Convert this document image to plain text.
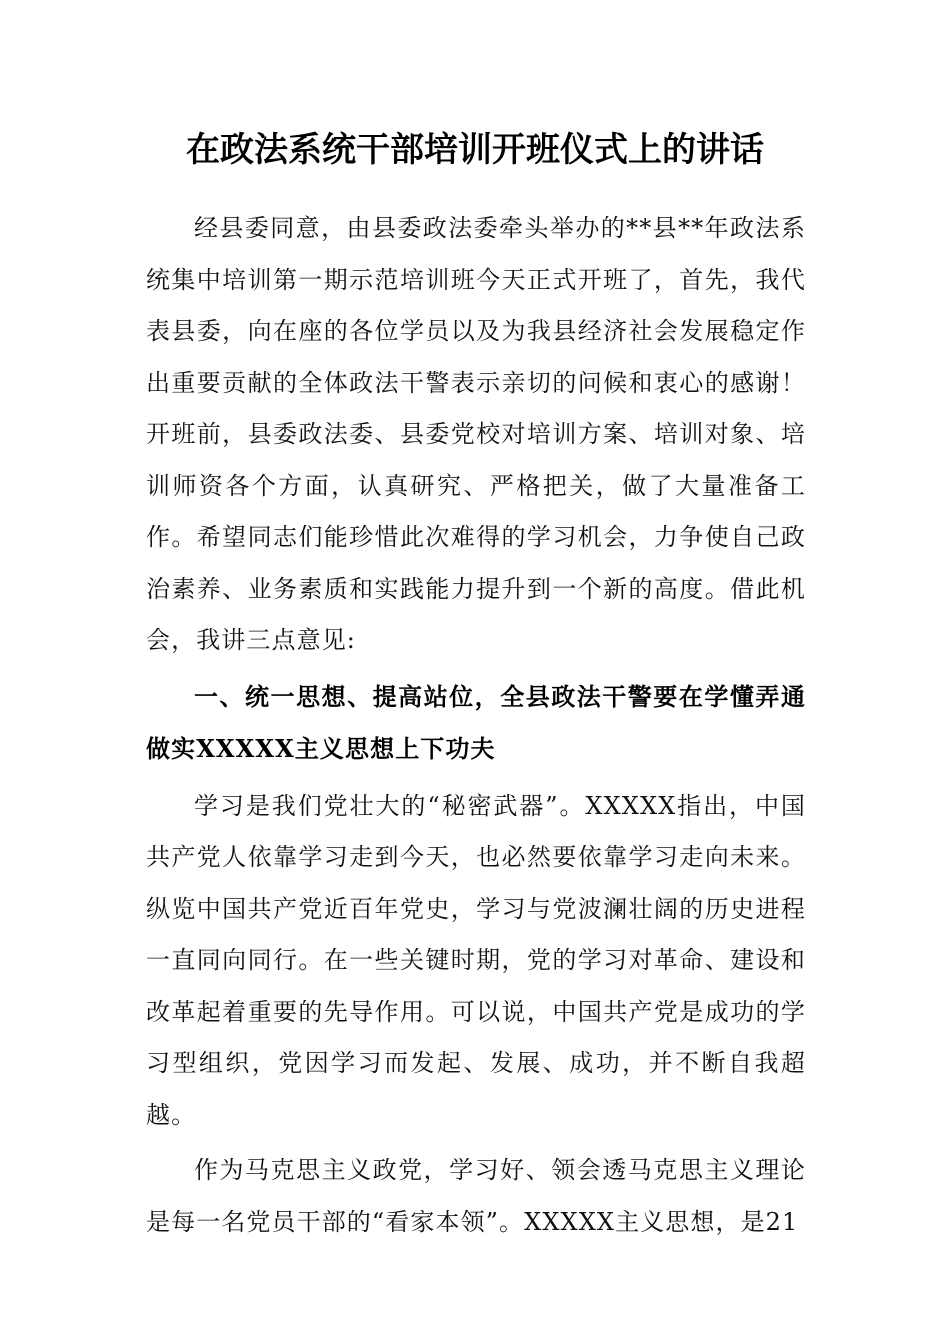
在政法系统干部培训开班仪式上的讲话

经县委同意，由县委政法委牵头举办的**县**年政法系统集中培训第一期示范培训班今天正式开班了，首先，我代表县委，向在座的各位学员以及为我县经济社会发展稳定作出重要贡献的全体政法干警表示亲切的问候和衷心的感谢！开班前，县委政法委、县委党校对培训方案、培训对象、培训师资各个方面，认真研究、严格把关，做了大量准备工作。希望同志们能珍惜此次难得的学习机会，力争使自己政治素养、业务素质和实践能力提升到一个新的高度。借此机会，我讲三点意见:

一、统一思想、提高站位，全县政法干警要在学懂弄通做实XXXXX主义思想上下功夫

学习是我们党壮大的“秘密武器”。XXXXX指出，中国共产党人依靠学习走到今天，也必然要依靠学习走向未来。纵览中国共产党近百年党史，学习与党波澜壮阔的历史进程一直同向同行。在一些关键时期，党的学习对革命、建设和改革起着重要的先导作用。可以说，中国共产党是成功的学习型组织，党因学习而发起、发展、成功，并不断自我超越。

作为马克思主义政党，学习好、领会透马克思主义理论是每一名党员干部的“看家本领”。XXXXX主义思想，是21
